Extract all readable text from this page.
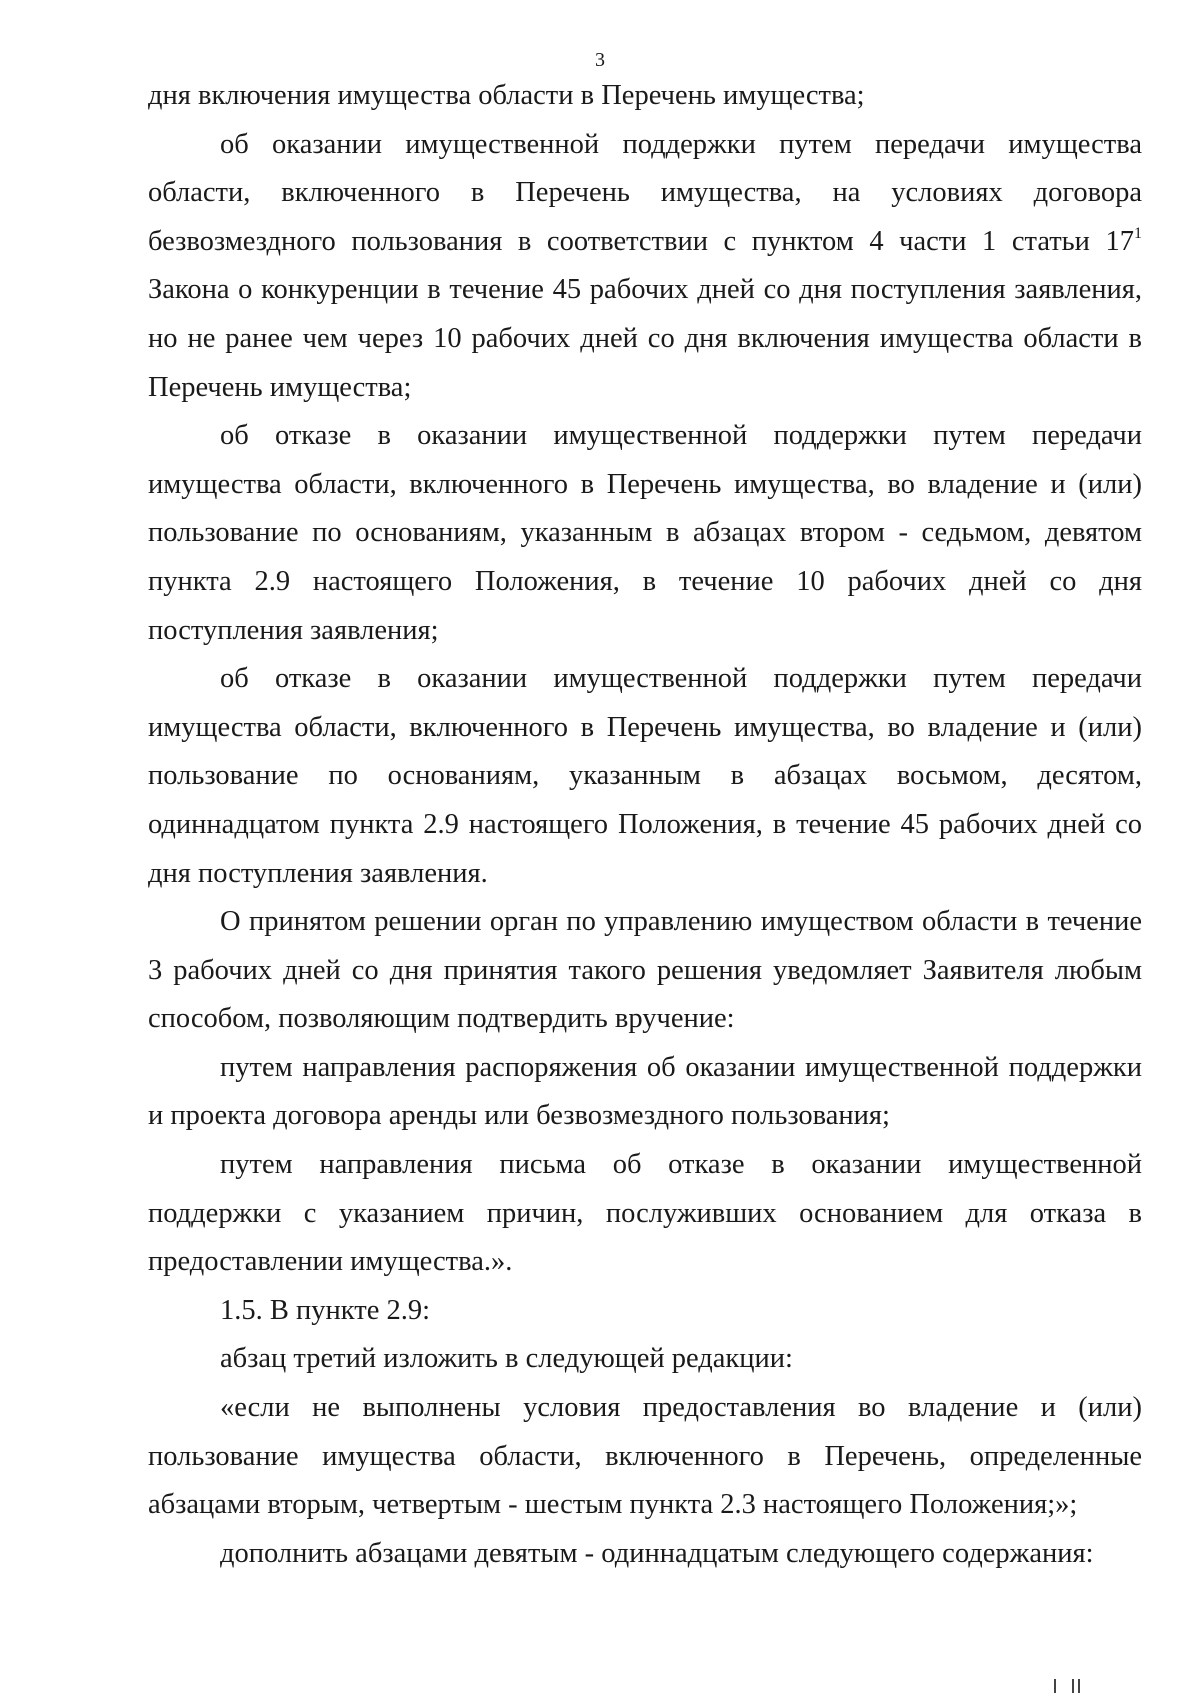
3

дня включения имущества области в Перечень имущества;

об оказании имущественной поддержки путем передачи имущества области, включенного в Перечень имущества, на условиях договора безвозмездного пользования в соответствии с пунктом 4 части 1 статьи $17^1$ Закона о конкуренции в течение 45 рабочих дней со дня поступления заявления, но не ранее чем через 10 рабочих дней со дня включения имущества области в Перечень имущества;

об отказе в оказании имущественной поддержки путем передачи имущества области, включенного в Перечень имущества, во владение и (или) пользование по основаниям, указанным в абзацах втором - седьмом, девятом пункта 2.9 настоящего Положения, в течение 10 рабочих дней со дня поступления заявления;

об отказе в оказании имущественной поддержки путем передачи имущества области, включенного в Перечень имущества, во владение и (или) пользование по основаниям, указанным в абзацах восьмом, десятом, одиннадцатом пункта 2.9 настоящего Положения, в течение 45 рабочих дней со дня поступления заявления.

О принятом решении орган по управлению имуществом области в течение 3 рабочих дней со дня принятия такого решения уведомляет Заявителя любым способом, позволяющим подтвердить вручение:

путем направления распоряжения об оказании имущественной поддержки и проекта договора аренды или безвозмездного пользования;

путем направления письма об отказе в оказании имущественной поддержки с указанием причин, послуживших основанием для отказа в предоставлении имущества.».

1.5. В пункте 2.9:

абзац третий изложить в следующей редакции:

«если не выполнены условия предоставления во владение и (или) пользование имущества области, включенного в Перечень, определенные абзацами вторым, четвертым - шестым пункта 2.3 настоящего Положения;»;

дополнить абзацами девятым - одиннадцатым следующего содержания:
